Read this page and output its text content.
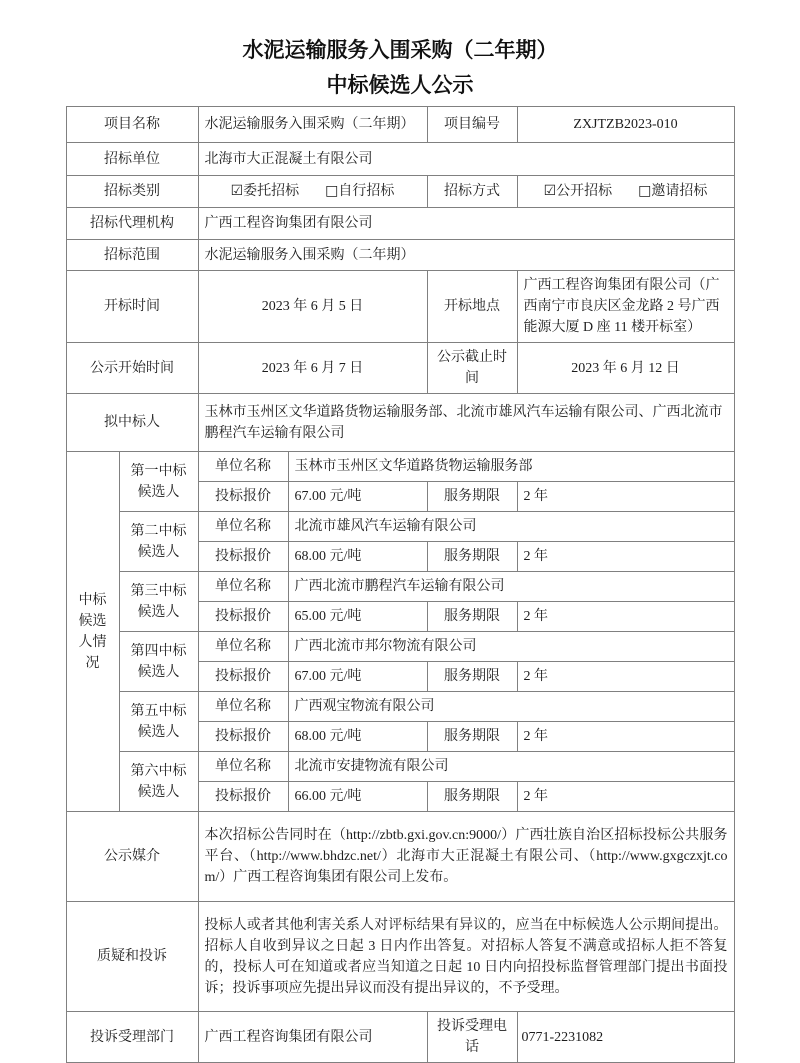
水泥运输服务入围采购（二年期）
中标候选人公示
项目名称		水泥运输服务入围采购（二年期）		项目编号	ZXJTZB2023-010
招标单位		北海市大正混凝土有限公司			
招标类别		☑委托招标 □自行招标		招标方式	☑公开招标 □邀请招标
招标代理机构		广西工程咨询集团有限公司			
招标范围		水泥运输服务入围采购（二年期）			
开标时间		2023 年 6 月 5 日		开标地点	广西工程咨询集团有限公司（广西南宁市良庆区金龙路 2 号广西能源大厦 D 座 11 楼开标室）
公示开始时间		2023 年 6 月 7 日		公示截止时间	2023 年 6 月 12 日
拟中标人		玉林市玉州区文华道路货物运输服务部、北流市雄风汽车运输有限公司、广西北流市鹏程汽车运输有限公司			
中标候选人情况	第一中标候选人	单位名称	玉林市玉州区文华道路货物运输服务部		
		投标报价	67.00 元/吨	服务期限	2 年
	第二中标候选人	单位名称	北流市雄风汽车运输有限公司		
		投标报价	68.00 元/吨	服务期限	2 年
	第三中标候选人	单位名称	广西北流市鹏程汽车运输有限公司		
		投标报价	65.00 元/吨	服务期限	2 年
	第四中标候选人	单位名称	广西北流市邦尔物流有限公司		
		投标报价	67.00 元/吨	服务期限	2 年
	第五中标候选人	单位名称	广西观宝物流有限公司		
		投标报价	68.00 元/吨	服务期限	2 年
	第六中标候选人	单位名称	北流市安捷物流有限公司		
		投标报价	66.00 元/吨	服务期限	2 年
公示媒介		本次招标公告同时在（http://zbtb.gxi.gov.cn:9000/）广西壮族自治区招标投标公共服务平台、（http://www.bhdzc.net/）北海市大正混凝土有限公司、（http://www.gxgczxjt.com/）广西工程咨询集团有限公司上发布。			
质疑和投诉		投标人或者其他利害关系人对评标结果有异议的，应当在中标候选人公示期间提出。招标人自收到异议之日起 3 日内作出答复。对招标人答复不满意或招标人拒不答复的，投标人可在知道或者应当知道之日起 10 日内向招投标监督管理部门提出书面投诉；投诉事项应先提出异议而没有提出异议的，不予受理。			
投诉受理部门		广西工程咨询集团有限公司		投诉受理电话	0771-2231082
